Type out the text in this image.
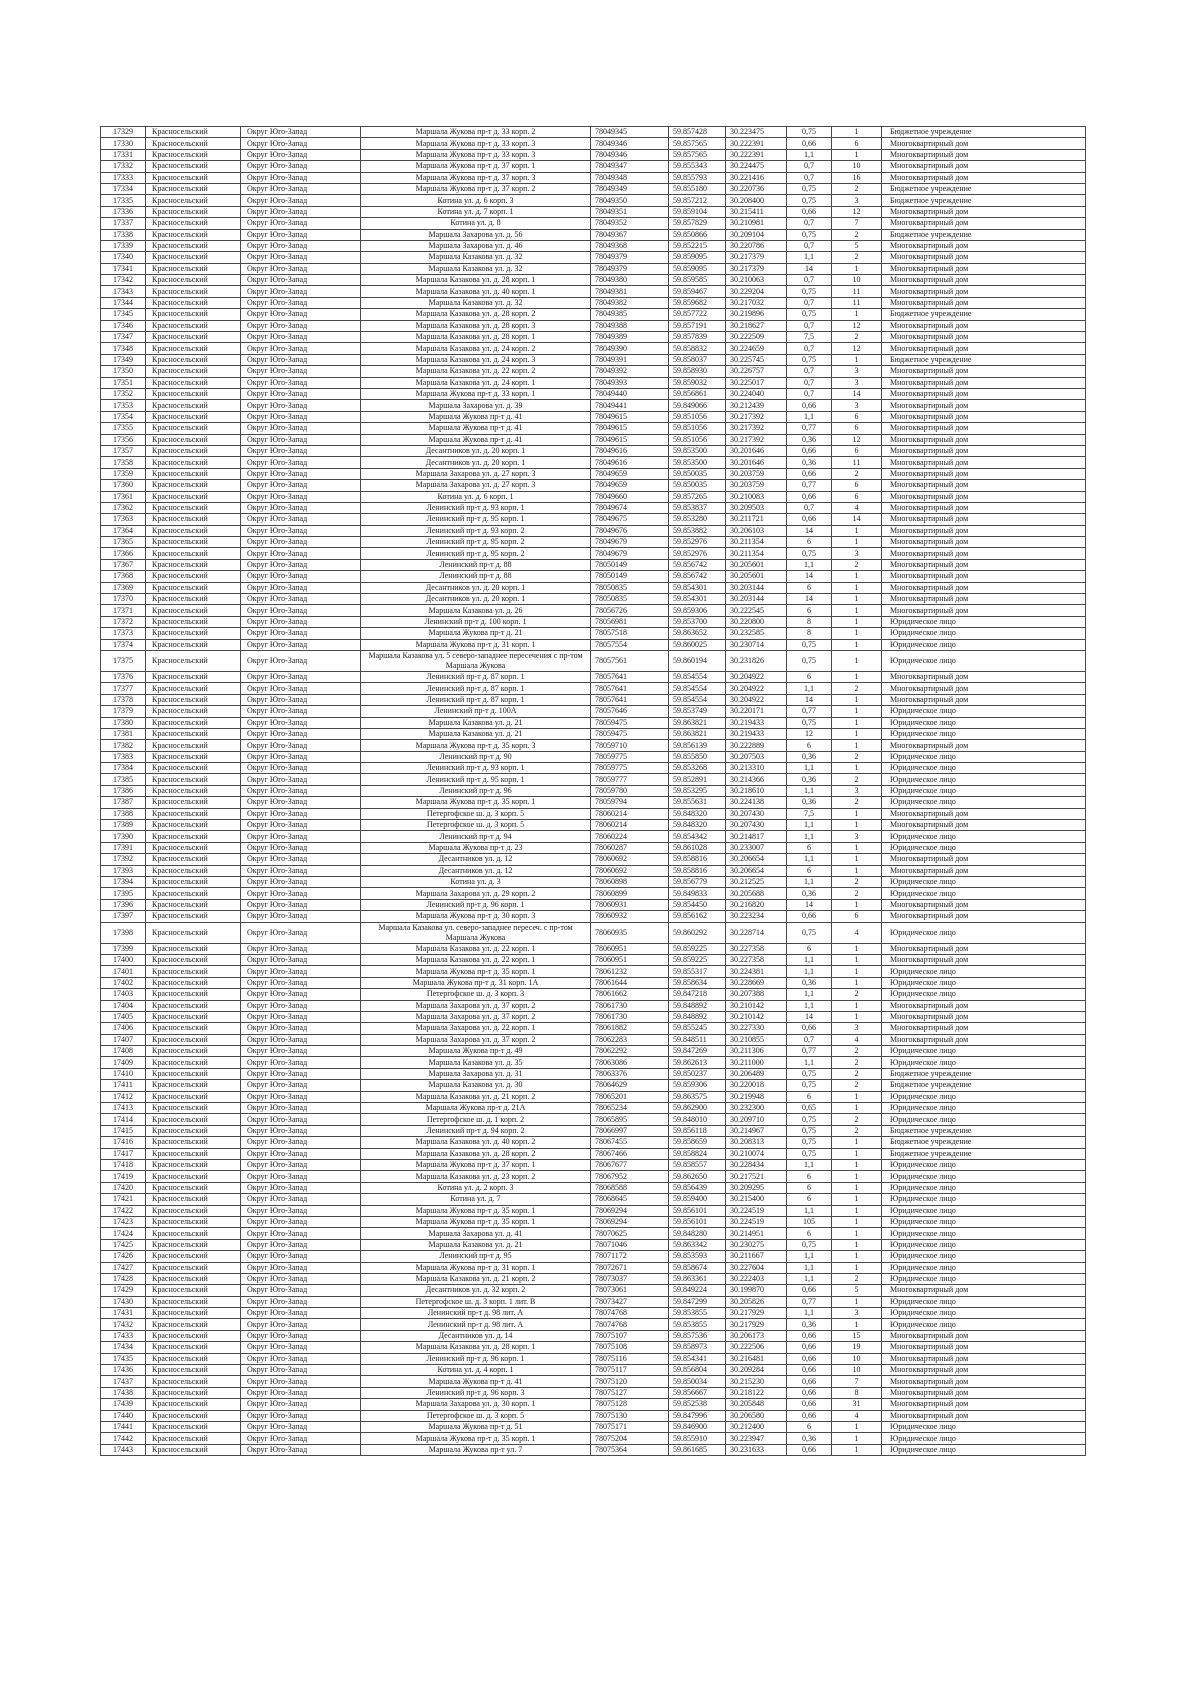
17329	Красносельский	Округ Юго-Запад	Маршала Жукова пр-т д. 33 корп. 2	78049345	59.857428	30.223475	0,75	1	Бюджетное учреждение
17330	Красносельский	Округ Юго-Запад	Маршала Жукова пр-т д. 33 корп. 3	78049346	59.857565	30.222391	0,66	6	Многоквартирный дом
17331	Красносельский	Округ Юго-Запад	Маршала Жукова пр-т д. 33 корп. 3	78049346	59.857565	30.222391	1,1	1	Многоквартирный дом
17332	Красносельский	Округ Юго-Запад	Маршала Жукова пр-т д. 37 корп. 1	78049347	59.855343	30.224475	0,7	10	Многоквартирный дом
17333	Красносельский	Округ Юго-Запад	Маршала Жукова пр-т д. 37 корп. 3	78049348	59.855793	30.221416	0,7	16	Многоквартирный дом
17334	Красносельский	Округ Юго-Запад	Маршала Жукова пр-т д. 37 корп. 2	78049349	59.855180	30.220736	0,75	2	Бюджетное учреждение
17335	Красносельский	Округ Юго-Запад	Котина ул. д. 6 корп. 3	78049350	59.857212	30.208400	0,75	3	Бюджетное учреждение
17336	Красносельский	Округ Юго-Запад	Котина ул. д. 7 корп. 1	78049351	59.859104	30.215411	0,66	12	Многоквартирный дом
17337	Красносельский	Округ Юго-Запад	Котина ул. д. 8	78049352	59.857829	30.210981	0,7	7	Многоквартирный дом
17338	Красносельский	Округ Юго-Запад	Маршала Захарова ул. д. 56	78049367	59.850866	30.209104	0,75	2	Бюджетное учреждение
17339	Красносельский	Округ Юго-Запад	Маршала Захарова ул. д. 46	78049368	59.852215	30.220786	0,7	5	Многоквартирный дом
17340	Красносельский	Округ Юго-Запад	Маршала Казакова ул. д. 32	78049379	59.859095	30.217379	1,1	2	Многоквартирный дом
17341	Красносельский	Округ Юго-Запад	Маршала Казакова ул. д. 32	78049379	59.859095	30.217379	14	1	Многоквартирный дом
17342	Красносельский	Округ Юго-Запад	Маршала Казакова ул. д. 28 корп. 1	78049380	59.859585	30.210063	0,7	10	Многоквартирный дом
17343	Красносельский	Округ Юго-Запад	Маршала Казакова ул. д. 40 корп. 1	78049381	59.859467	30.229204	0,75	11	Многоквартирный дом
17344	Красносельский	Округ Юго-Запад	Маршала Казакова ул. д. 32	78049382	59.859682	30.217032	0,7	11	Многоквартирный дом
17345	Красносельский	Округ Юго-Запад	Маршала Казакова ул. д. 28 корп. 2	78049385	59.857722	30.219896	0,75	1	Бюджетное учреждение
17346	Красносельский	Округ Юго-Запад	Маршала Казакова ул. д. 28 корп. 3	78049388	59.857191	30.218627	0,7	12	Многоквартирный дом
17347	Красносельский	Округ Юго-Запад	Маршала Казакова ул. д. 28 корп. 1	78049389	59.857839	30.222509	7,5	2	Многоквартирный дом
17348	Красносельский	Округ Юго-Запад	Маршала Казакова ул. д. 24 корп. 2	78049390	59.858832	30.224659	0,7	12	Многоквартирный дом
17349	Красносельский	Округ Юго-Запад	Маршала Казакова ул. д. 24 корп. 3	78049391	59.858037	30.225745	0,75	1	Бюджетное учреждение
17350	Красносельский	Округ Юго-Запад	Маршала Казакова ул. д. 22 корп. 2	78049392	59.858930	30.226757	0,7	3	Многоквартирный дом
17351	Красносельский	Округ Юго-Запад	Маршала Казакова ул. д. 24 корп. 1	78049393	59.859032	30.225017	0,7	3	Многоквартирный дом
17352	Красносельский	Округ Юго-Запад	Маршала Жукова пр-т д. 33 корп. 1	78049440	59.856861	30.224040	0,7	14	Многоквартирный дом
17353	Красносельский	Округ Юго-Запад	Маршала Захарова ул. д. 39	78049441	59.849066	30.212439	0,66	3	Многоквартирный дом
17354	Красносельский	Округ Юго-Запад	Маршала Жукова пр-т д. 41	78049615	59.851056	30.217392	1,1	6	Многоквартирный дом
17355	Красносельский	Округ Юго-Запад	Маршала Жукова пр-т д. 41	78049615	59.851056	30.217392	0,77	6	Многоквартирный дом
17356	Красносельский	Округ Юго-Запад	Маршала Жукова пр-т д. 41	78049615	59.851056	30.217392	0,36	12	Многоквартирный дом
17357	Красносельский	Округ Юго-Запад	Десантников ул. д. 20 корп. 1	78049616	59.853500	30.201646	0,66	6	Многоквартирный дом
17358	Красносельский	Округ Юго-Запад	Десантников ул. д. 20 корп. 1	78049616	59.853500	30.201646	0,36	11	Многоквартирный дом
17359	Красносельский	Округ Юго-Запад	Маршала Захарова ул. д. 27 корп. 3	78049659	59.850035	30.203759	0,66	2	Многоквартирный дом
17360	Красносельский	Округ Юго-Запад	Маршала Захарова ул. д. 27 корп. 3	78049659	59.850035	30.203759	0,77	6	Многоквартирный дом
17361	Красносельский	Округ Юго-Запад	Котина ул. д. 6 корп. 1	78049660	59.857265	30.210083	0,66	6	Многоквартирный дом
17362	Красносельский	Округ Юго-Запад	Ленинский пр-т д. 93 корп. 1	78049674	59.853837	30.209503	0,7	4	Многоквартирный дом
17363	Красносельский	Округ Юго-Запад	Ленинский пр-т д. 95 корп. 1	78049675	59.853280	30.211721	0,66	14	Многоквартирный дом
17364	Красносельский	Округ Юго-Запад	Ленинский пр-т д. 93 корп. 2	78049676	59.853882	30.206103	14	1	Многоквартирный дом
17365	Красносельский	Округ Юго-Запад	Ленинский пр-т д. 95 корп. 2	78049679	59.852976	30.211354	6	1	Многоквартирный дом
17366	Красносельский	Округ Юго-Запад	Ленинский пр-т д. 95 корп. 2	78049679	59.852976	30.211354	0,75	3	Многоквартирный дом
17367	Красносельский	Округ Юго-Запад	Ленинский пр-т д. 88	78050149	59.856742	30.205601	1,1	2	Многоквартирный дом
17368	Красносельский	Округ Юго-Запад	Ленинский пр-т д. 88	78050149	59.856742	30.205601	14	1	Многоквартирный дом
17369	Красносельский	Округ Юго-Запад	Десантников ул. д. 20 корп. 1	78050835	59.854301	30.203144	6	1	Многоквартирный дом
17370	Красносельский	Округ Юго-Запад	Десантников ул. д. 20 корп. 1	78050835	59.854301	30.203144	14	1	Многоквартирный дом
17371	Красносельский	Округ Юго-Запад	Маршала Казакова ул. д. 26	78056726	59.859306	30.222545	6	1	Многоквартирный дом
17372	Красносельский	Округ Юго-Запад	Ленинский пр-т д. 100 корп. 1	78056981	59.853700	30.220800	8	1	Юридическое лицо
17373	Красносельский	Округ Юго-Запад	Маршала Жукова пр-т д. 21	78057518	59.863652	30.232585	8	1	Юридическое лицо
17374	Красносельский	Округ Юго-Запад	Маршала Жукова пр-т д. 31 корп. 1	78057554	59.860025	30.230714	0,75	1	Юридическое лицо
17375	Красносельский	Округ Юго-Запад	Маршала Казакова ул. 5 северо-западнее пересечения с пр-том Маршала Жукова	78057561	59.860194	30.231826	0,75	1	Юридическое лицо
17376	Красносельский	Округ Юго-Запад	Ленинский пр-т д. 87 корп. 1	78057641	59.854554	30.204922	6	1	Многоквартирный дом
17377	Красносельский	Округ Юго-Запад	Ленинский пр-т д. 87 корп. 1	78057641	59.854554	30.204922	1,1	2	Многоквартирный дом
17378	Красносельский	Округ Юго-Запад	Ленинский пр-т д. 87 корп. 1	78057641	59.854554	30.204922	14	1	Многоквартирный дом
17379	Красносельский	Округ Юго-Запад	Ленинский пр-т д. 100А	78057646	59.853749	30.220171	0,77	1	Юридическое лицо
17380	Красносельский	Округ Юго-Запад	Маршала Казакова ул. д. 21	78059475	59.863821	30.219433	0,75	1	Юридическое лицо
17381	Красносельский	Округ Юго-Запад	Маршала Казакова ул. д. 21	78059475	59.863821	30.219433	12	1	Юридическое лицо
17382	Красносельский	Округ Юго-Запад	Маршала Жукова пр-т д. 35 корп. 3	78059710	59.856139	30.222889	6	1	Многоквартирный дом
17383	Красносельский	Округ Юго-Запад	Ленинский пр-т д. 90	78059775	59.855850	30.207503	0,36	2	Юридическое лицо
17384	Красносельский	Округ Юго-Запад	Ленинский пр-т д. 93 корп. 1	78059775	59.853268	30.213310	1,1	1	Юридическое лицо
17385	Красносельский	Округ Юго-Запад	Ленинский пр-т д. 95 корп. 1	78059777	59.852891	30.214366	0,36	2	Юридическое лицо
17386	Красносельский	Округ Юго-Запад	Ленинский пр-т д. 96	78059780	59.853295	30.218610	1,1	3	Юридическое лицо
17387	Красносельский	Округ Юго-Запад	Маршала Жукова пр-т д. 35 корп. 1	78059794	59.855631	30.224138	0,36	2	Юридическое лицо
17388	Красносельский	Округ Юго-Запад	Петергофское ш. д. 3 корп. 5	78060214	59.848320	30.207430	7,5	1	Многоквартирный дом
17389	Красносельский	Округ Юго-Запад	Петергофское ш. д. 3 корп. 5	78060214	59.848320	30.207430	1,1	1	Многоквартирный дом
17390	Красносельский	Округ Юго-Запад	Ленинский пр-т д. 94	78060224	59.854342	30.214817	1,1	3	Юридическое лицо
17391	Красносельский	Округ Юго-Запад	Маршала Жукова пр-т д. 23	78060287	59.861028	30.233007	6	1	Юридическое лицо
17392	Красносельский	Округ Юго-Запад	Десантников ул. д. 12	78060692	59.858816	30.206654	1,1	1	Многоквартирный дом
17393	Красносельский	Округ Юго-Запад	Десантников ул. д. 12	78060692	59.858816	30.206654	6	1	Многоквартирный дом
17394	Красносельский	Округ Юго-Запад	Котина ул. д. 3	78060898	59.856779	30.212525	1,1	2	Юридическое лицо
17395	Красносельский	Округ Юго-Запад	Маршала Захарова ул. д. 29 корп. 2	78060899	59.849833	30.205688	0,36	2	Юридическое лицо
17396	Красносельский	Округ Юго-Запад	Ленинский пр-т д. 96 корп. 1	78060931	59.854450	30.216820	14	1	Многоквартирный дом
17397	Красносельский	Округ Юго-Запад	Маршала Жукова пр-т д. 30 корп. 3	78060932	59.856162	30.223234	0,66	6	Многоквартирный дом
17398	Красносельский	Округ Юго-Запад	Маршала Казакова ул. северо-западнее пересеч. с пр-том Маршала Жукова	78060935	59.860292	30.228714	0,75	4	Юридическое лицо
17399	Красносельский	Округ Юго-Запад	Маршала Казакова ул. д. 22 корп. 1	78060951	59.859225	30.227358	6	1	Многоквартирный дом
17400	Красносельский	Округ Юго-Запад	Маршала Казакова ул. д. 22 корп. 1	78060951	59.859225	30.227358	1,1	1	Многоквартирный дом
17401	Красносельский	Округ Юго-Запад	Маршала Жукова пр-т д. 35 корп. 1	78061232	59.855317	30.224381	1,1	1	Юридическое лицо
17402	Красносельский	Округ Юго-Запад	Маршала Жукова пр-т д. 31 корп. 1А	78061644	59.858634	30.228669	0,36	1	Юридическое лицо
17403	Красносельский	Округ Юго-Запад	Петергофское ш. д. 3 корп. 3	78061662	59.847218	30.207388	1,1	2	Юридическое лицо
17404	Красносельский	Округ Юго-Запад	Маршала Захарова ул. д. 37 корп. 2	78061730	59.848892	30.210142	1,1	1	Многоквартирный дом
17405	Красносельский	Округ Юго-Запад	Маршала Захарова ул. д. 37 корп. 2	78061730	59.848892	30.210142	14	1	Многоквартирный дом
17406	Красносельский	Округ Юго-Запад	Маршала Захарова ул. д. 22 корп. 1	78061882	59.855245	30.227330	0,66	3	Многоквартирный дом
17407	Красносельский	Округ Юго-Запад	Маршала Захарова ул. д. 37 корп. 2	78062283	59.848511	30.210855	0,7	4	Многоквартирный дом
17408	Красносельский	Округ Юго-Запад	Маршала Жукова пр-т д. 49	78062292	59.847269	30.211306	0,77	2	Юридическое лицо
17409	Красносельский	Округ Юго-Запад	Маршала Казакова ул. д. 35	78063086	59.862613	30.211000	1,1	2	Юридическое лицо
17410	Красносельский	Округ Юго-Запад	Маршала Захарова ул. д. 31	78063376	59.850237	30.206489	0,75	2	Бюджетное учреждение
17411	Красносельский	Округ Юго-Запад	Маршала Казакова ул. д. 30	78064629	59.859306	30.220018	0,75	2	Бюджетное учреждение
17412	Красносельский	Округ Юго-Запад	Маршала Казакова ул. д. 21 корп. 2	78065201	59.863575	30.219948	6	1	Юридическое лицо
17413	Красносельский	Округ Юго-Запад	Маршала Жукова пр-т д. 21А	78065234	59.862900	30.232300	0,65	1	Юридическое лицо
17414	Красносельский	Округ Юго-Запад	Петергофское ш. д. 1 корп. 2	78065895	59.848010	30.209710	0,75	2	Юридическое лицо
17415	Красносельский	Округ Юго-Запад	Ленинский пр-т д. 94 корп. 2	78066997	59.856118	30.214967	0,75	2	Бюджетное учреждение
17416	Красносельский	Округ Юго-Запад	Маршала Казакова ул. д. 40 корп. 2	78067455	59.858659	30.208313	0,75	1	Бюджетное учреждение
17417	Красносельский	Округ Юго-Запад	Маршала Казакова ул. д. 28 корп. 2	78067466	59.858824	30.210074	0,75	1	Бюджетное учреждение
17418	Красносельский	Округ Юго-Запад	Маршала Жукова пр-т д. 37 корп. 1	78067677	59.858557	30.228434	1,1	1	Юридическое лицо
17419	Красносельский	Округ Юго-Запад	Маршала Казакова ул. д. 23 корп. 2	78067952	59.862650	30.217521	6	1	Юридическое лицо
17420	Красносельский	Округ Юго-Запад	Котина ул. д. 2 корп. 3	78068588	59.856439	30.209295	6	1	Юридическое лицо
17421	Красносельский	Округ Юго-Запад	Котина ул. д. 7	78068645	59.859400	30.215400	6	1	Юридическое лицо
17422	Красносельский	Округ Юго-Запад	Маршала Жукова пр-т д. 35 корп. 1	78069294	59.856101	30.224519	1,1	1	Юридическое лицо
17423	Красносельский	Округ Юго-Запад	Маршала Жукова пр-т д. 35 корп. 1	78069294	59.856101	30.224519	105	1	Юридическое лицо
17424	Красносельский	Округ Юго-Запад	Маршала Захарова ул. д. 41	78070625	59.848280	30.214951	6	1	Юридическое лицо
17425	Красносельский	Округ Юго-Запад	Маршала Казакова ул. д. 21	78071046	59.863342	30.230275	0,75	1	Юридическое лицо
17426	Красносельский	Округ Юго-Запад	Ленинский пр-т д. 95	78071172	59.853593	30.211667	1,1	1	Юридическое лицо
17427	Красносельский	Округ Юго-Запад	Маршала Жукова пр-т д. 31 корп. 1	78072671	59.858674	30.227604	1,1	1	Юридическое лицо
17428	Красносельский	Округ Юго-Запад	Маршала Казакова ул. д. 21 корп. 2	78073037	59.863361	30.222403	1,1	2	Юридическое лицо
17429	Красносельский	Округ Юго-Запад	Десантников ул. д. 32 корп. 2	78073061	59.849224	30.199870	0,66	5	Многоквартирный дом
17430	Красносельский	Округ Юго-Запад	Петергофское ш. д. 3 корп. 1 лит. В	78073427	59.847299	30.205826	0,77	1	Юридическое лицо
17431	Красносельский	Округ Юго-Запад	Ленинский пр-т д. 98 лит. А	78074768	59.853855	30.217929	1,1	3	Юридическое лицо
17432	Красносельский	Округ Юго-Запад	Ленинский пр-т д. 98 лит. А	78074768	59.853855	30.217929	0,36	1	Юридическое лицо
17433	Красносельский	Округ Юго-Запад	Десантников ул. д. 14	78075107	59.857536	30.206173	0,66	15	Многоквартирный дом
17434	Красносельский	Округ Юго-Запад	Маршала Казакова ул. д. 28 корп. 1	78075108	59.858973	30.222506	0,66	19	Многоквартирный дом
17435	Красносельский	Округ Юго-Запад	Ленинский пр-т д. 96 корп. 1	78075116	59.854341	30.216481	0,66	10	Многоквартирный дом
17436	Красносельский	Округ Юго-Запад	Котина ул. д. 4 корп. 1	78075117	59.856804	30.209284	0,66	10	Многоквартирный дом
17437	Красносельский	Округ Юго-Запад	Маршала Жукова пр-т д. 41	78075120	59.850034	30.215230	0,66	7	Многоквартирный дом
17438	Красносельский	Округ Юго-Запад	Ленинский пр-т д. 96 корп. 3	78075127	59.856667	30.218122	0,66	8	Многоквартирный дом
17439	Красносельский	Округ Юго-Запад	Маршала Захарова ул. д. 30 корп. 1	78075128	59.852538	30.205848	0,66	31	Многоквартирный дом
17440	Красносельский	Округ Юго-Запад	Петергофское ш. д. 3 корп. 5	78075130	59.847996	30.206580	0,66	4	Многоквартирный дом
17441	Красносельский	Округ Юго-Запад	Маршала Жукова пр-т д. 51	78075171	59.846900	30.212400	6	1	Юридическое лицо
17442	Красносельский	Округ Юго-Запад	Маршала Жукова пр-т д. 35 корп. 1	78075204	59.855910	30.223947	0,36	1	Юридическое лицо
17443	Красносельский	Округ Юго-Запад	Маршала Жукова пр-т ул. 7	78075364	59.861685	30.231633	0,66	1	Юридическое лицо
